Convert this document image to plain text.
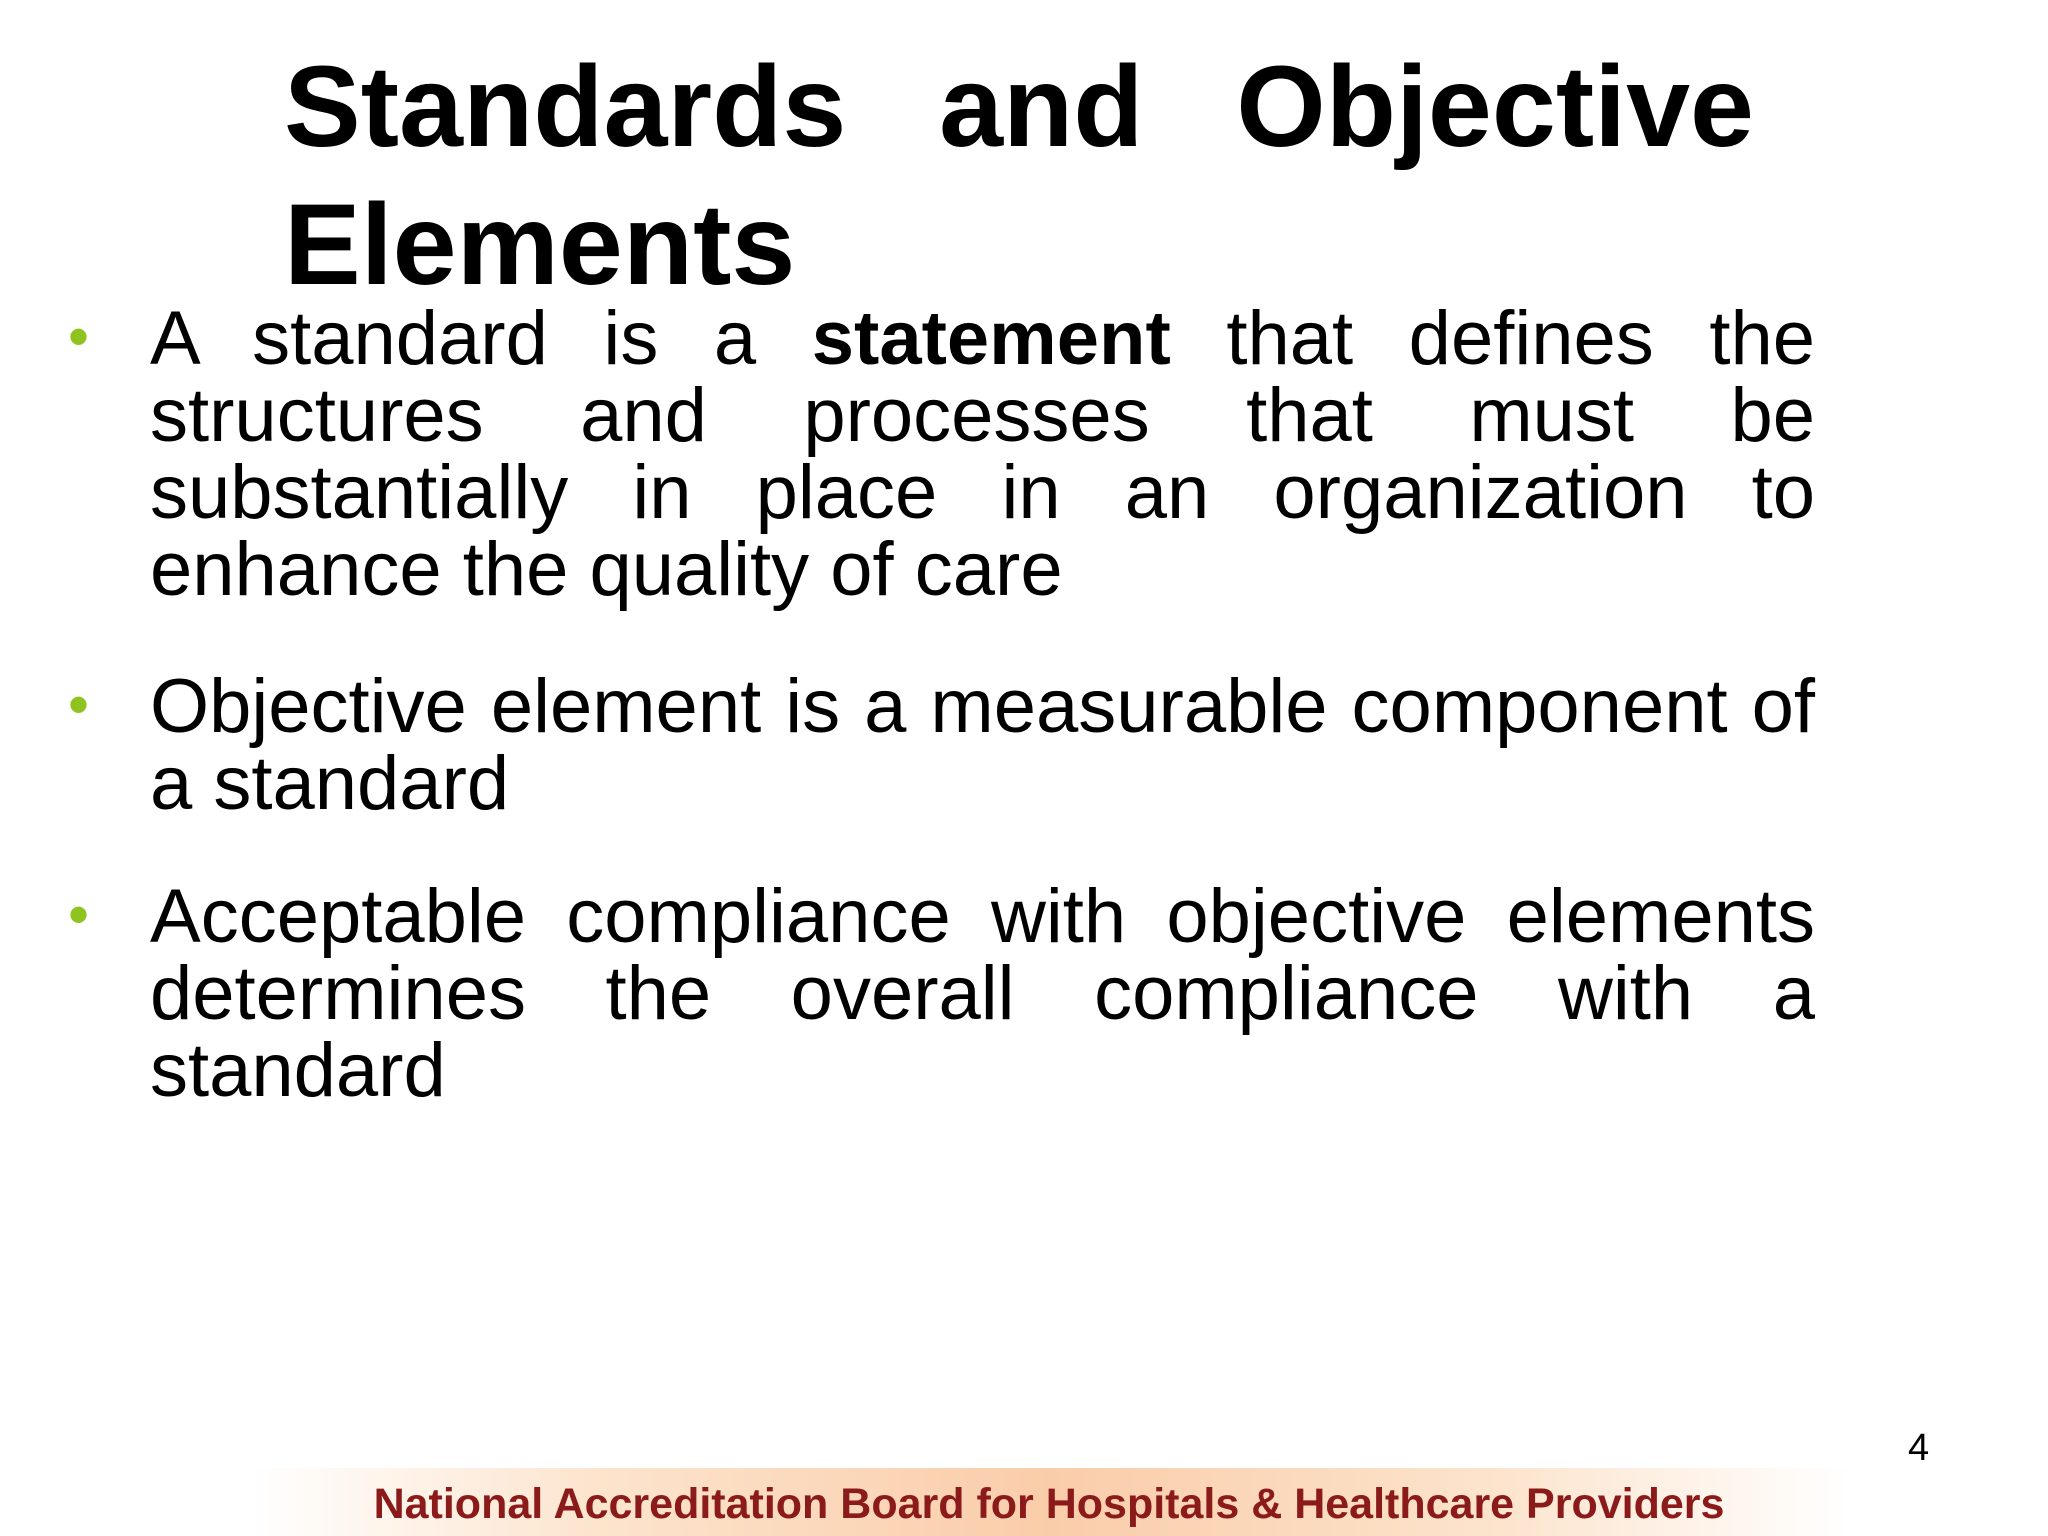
Standards and Objective Elements
• A standard is a statement that defines the structures and processes that must be substantially in place in an organization to enhance the quality of care
• Objective element is a measurable component of a standard
• Acceptable compliance with objective elements determines the overall compliance with a standard
4
National Accreditation Board for Hospitals & Healthcare Providers
